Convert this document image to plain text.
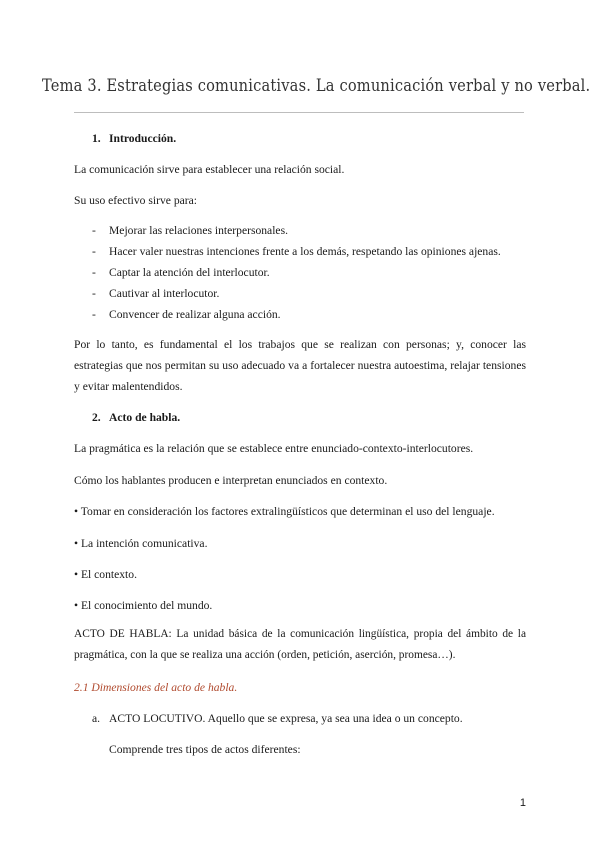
Tema 3. Estrategias comunicativas. La comunicación verbal y no verbal.
1. Introducción.
La comunicación sirve para establecer una relación social.
Su uso efectivo sirve para:
- Mejorar las relaciones interpersonales.
- Hacer valer nuestras intenciones frente a los demás, respetando las opiniones ajenas.
- Captar la atención del interlocutor.
- Cautivar al interlocutor.
- Convencer de realizar alguna acción.
Por lo tanto, es fundamental el los trabajos que se realizan con personas; y, conocer las estrategias que nos permitan su uso adecuado va a fortalecer nuestra autoestima, relajar tensiones y evitar malentendidos.
2. Acto de habla.
La pragmática es la relación que se establece entre enunciado-contexto-interlocutores.
Cómo los hablantes producen e interpretan enunciados en contexto.
• Tomar en consideración los factores extralingüísticos que determinan el uso del lenguaje.
• La intención comunicativa.
• El contexto.
• El conocimiento del mundo.
ACTO DE HABLA: La unidad básica de la comunicación lingüística, propia del ámbito de la pragmática, con la que se realiza una acción (orden, petición, aserción, promesa…).
2.1 Dimensiones del acto de habla.
a. ACTO LOCUTIVO. Aquello que se expresa, ya sea una idea o un concepto.
Comprende tres tipos de actos diferentes:
1
